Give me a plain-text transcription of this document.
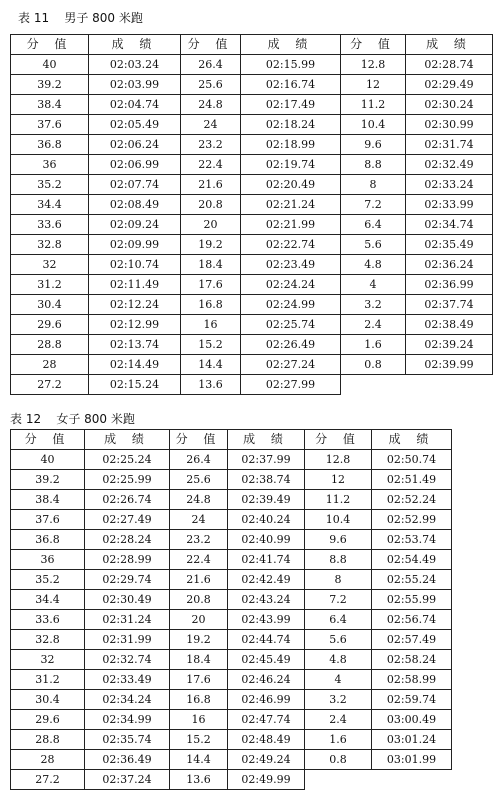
表 11    男子 800 米跑
分 值	成 绩	分 值	成 绩	分 值	成 绩
40	02:03.24	26.4	02:15.99	12.8	02:28.74
39.2	02:03.99	25.6	02:16.74	12	02:29.49
38.4	02:04.74	24.8	02:17.49	11.2	02:30.24
37.6	02:05.49	24	02:18.24	10.4	02:30.99
36.8	02:06.24	23.2	02:18.99	9.6	02:31.74
36	02:06.99	22.4	02:19.74	8.8	02:32.49
35.2	02:07.74	21.6	02:20.49	8	02:33.24
34.4	02:08.49	20.8	02:21.24	7.2	02:33.99
33.6	02:09.24	20	02:21.99	6.4	02:34.74
32.8	02:09.99	19.2	02:22.74	5.6	02:35.49
32	02:10.74	18.4	02:23.49	4.8	02:36.24
31.2	02:11.49	17.6	02:24.24	4	02:36.99
30.4	02:12.24	16.8	02:24.99	3.2	02:37.74
29.6	02:12.99	16	02:25.74	2.4	02:38.49
28.8	02:13.74	15.2	02:26.49	1.6	02:39.24
28	02:14.49	14.4	02:27.24	0.8	02:39.99
27.2	02:15.24	13.6	02:27.99		
表 12    女子 800 米跑
分 值	成 绩	分 值	成 绩	分 值	成 绩
40	02:25.24	26.4	02:37.99	12.8	02:50.74
39.2	02:25.99	25.6	02:38.74	12	02:51.49
38.4	02:26.74	24.8	02:39.49	11.2	02:52.24
37.6	02:27.49	24	02:40.24	10.4	02:52.99
36.8	02:28.24	23.2	02:40.99	9.6	02:53.74
36	02:28.99	22.4	02:41.74	8.8	02:54.49
35.2	02:29.74	21.6	02:42.49	8	02:55.24
34.4	02:30.49	20.8	02:43.24	7.2	02:55.99
33.6	02:31.24	20	02:43.99	6.4	02:56.74
32.8	02:31.99	19.2	02:44.74	5.6	02:57.49
32	02:32.74	18.4	02:45.49	4.8	02:58.24
31.2	02:33.49	17.6	02:46.24	4	02:58.99
30.4	02:34.24	16.8	02:46.99	3.2	02:59.74
29.6	02:34.99	16	02:47.74	2.4	03:00.49
28.8	02:35.74	15.2	02:48.49	1.6	03:01.24
28	02:36.49	14.4	02:49.24	0.8	03:01.99
27.2	02:37.24	13.6	02:49.99		
